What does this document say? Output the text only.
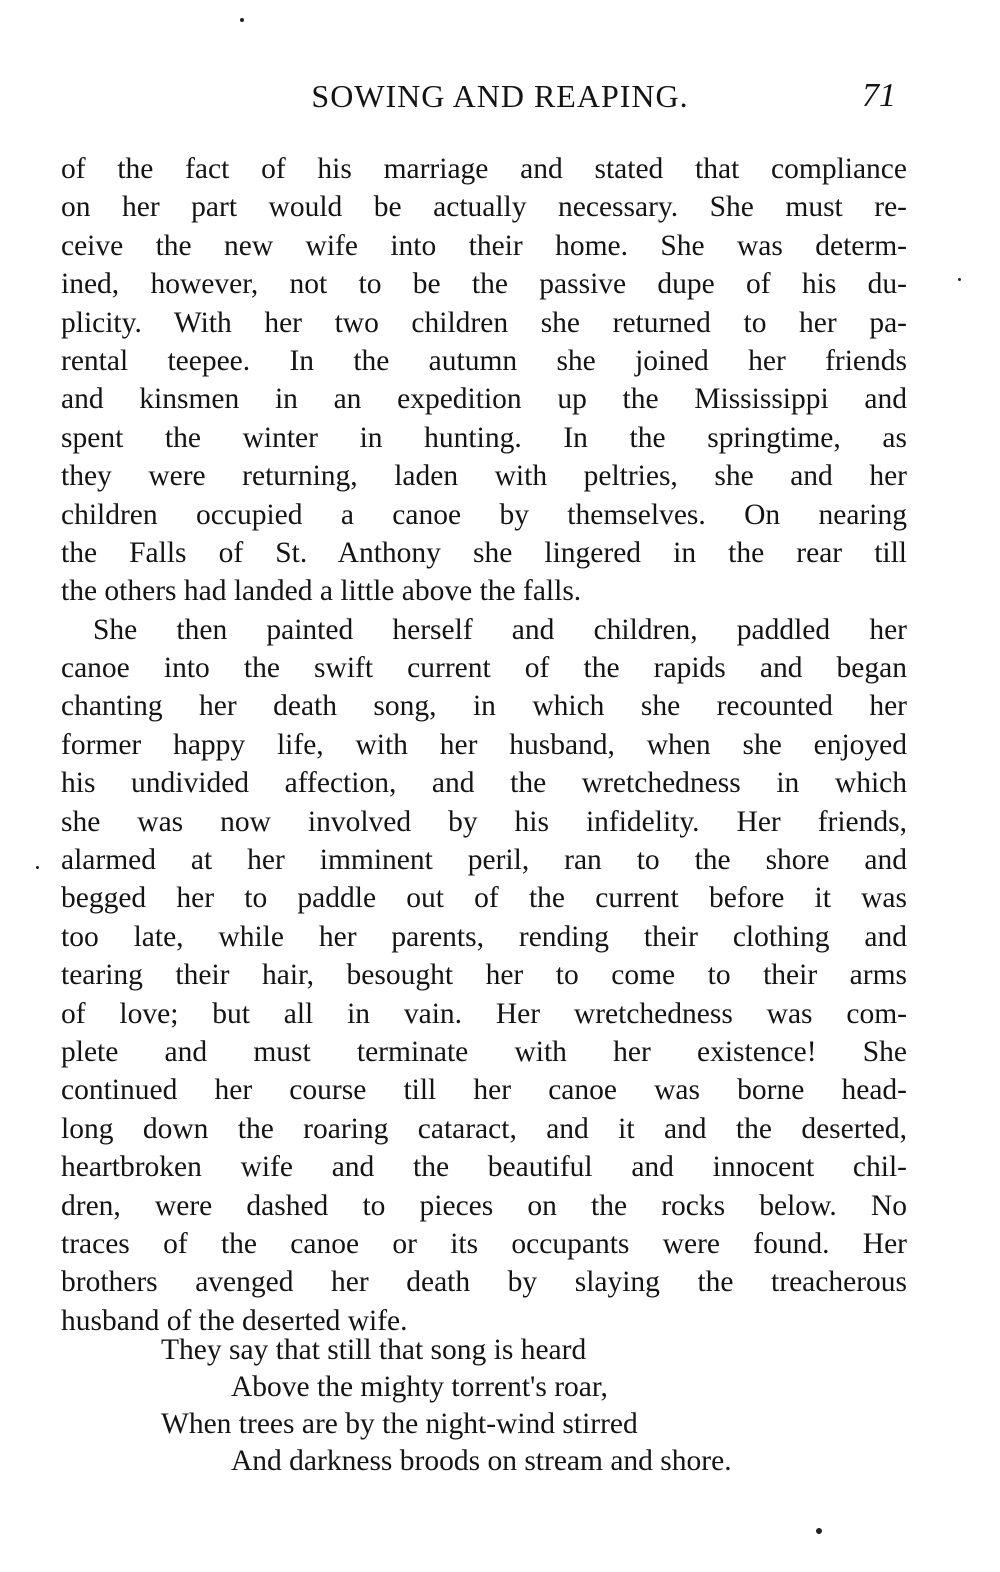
SOWING AND REAPING.	71
of the fact of his marriage and stated that compliance
on her part would be actually necessary. She must re-
ceive the new wife into their home. She was determ-
ined, however, not to be the passive dupe of his du-
plicity. With her two children she returned to her pa-
rental teepee. In the autumn she joined her friends
and kinsmen in an expedition up the Mississippi and
spent the winter in hunting. In the springtime, as
they were returning, laden with peltries, she and her
children occupied a canoe by themselves. On nearing
the Falls of St. Anthony she lingered in the rear till
the others had landed a little above the falls.
She then painted herself and children, paddled her
canoe into the swift current of the rapids and began
chanting her death song, in which she recounted her
former happy life, with her husband, when she enjoyed
his undivided affection, and the wretchedness in which
she was now involved by his infidelity. Her friends,
alarmed at her imminent peril, ran to the shore and
begged her to paddle out of the current before it was
too late, while her parents, rending their clothing and
tearing their hair, besought her to come to their arms
of love; but all in vain. Her wretchedness was com-
plete and must terminate with her existence! She
continued her course till her canoe was borne head-
long down the roaring cataract, and it and the deserted,
heartbroken wife and the beautiful and innocent chil-
dren, were dashed to pieces on the rocks below. No
traces of the canoe or its occupants were found. Her
brothers avenged her death by slaying the treacherous
husband of the deserted wife.
They say that still that song is heard
Above the mighty torrent's roar,
When trees are by the night-wind stirred
And darkness broods on stream and shore.
